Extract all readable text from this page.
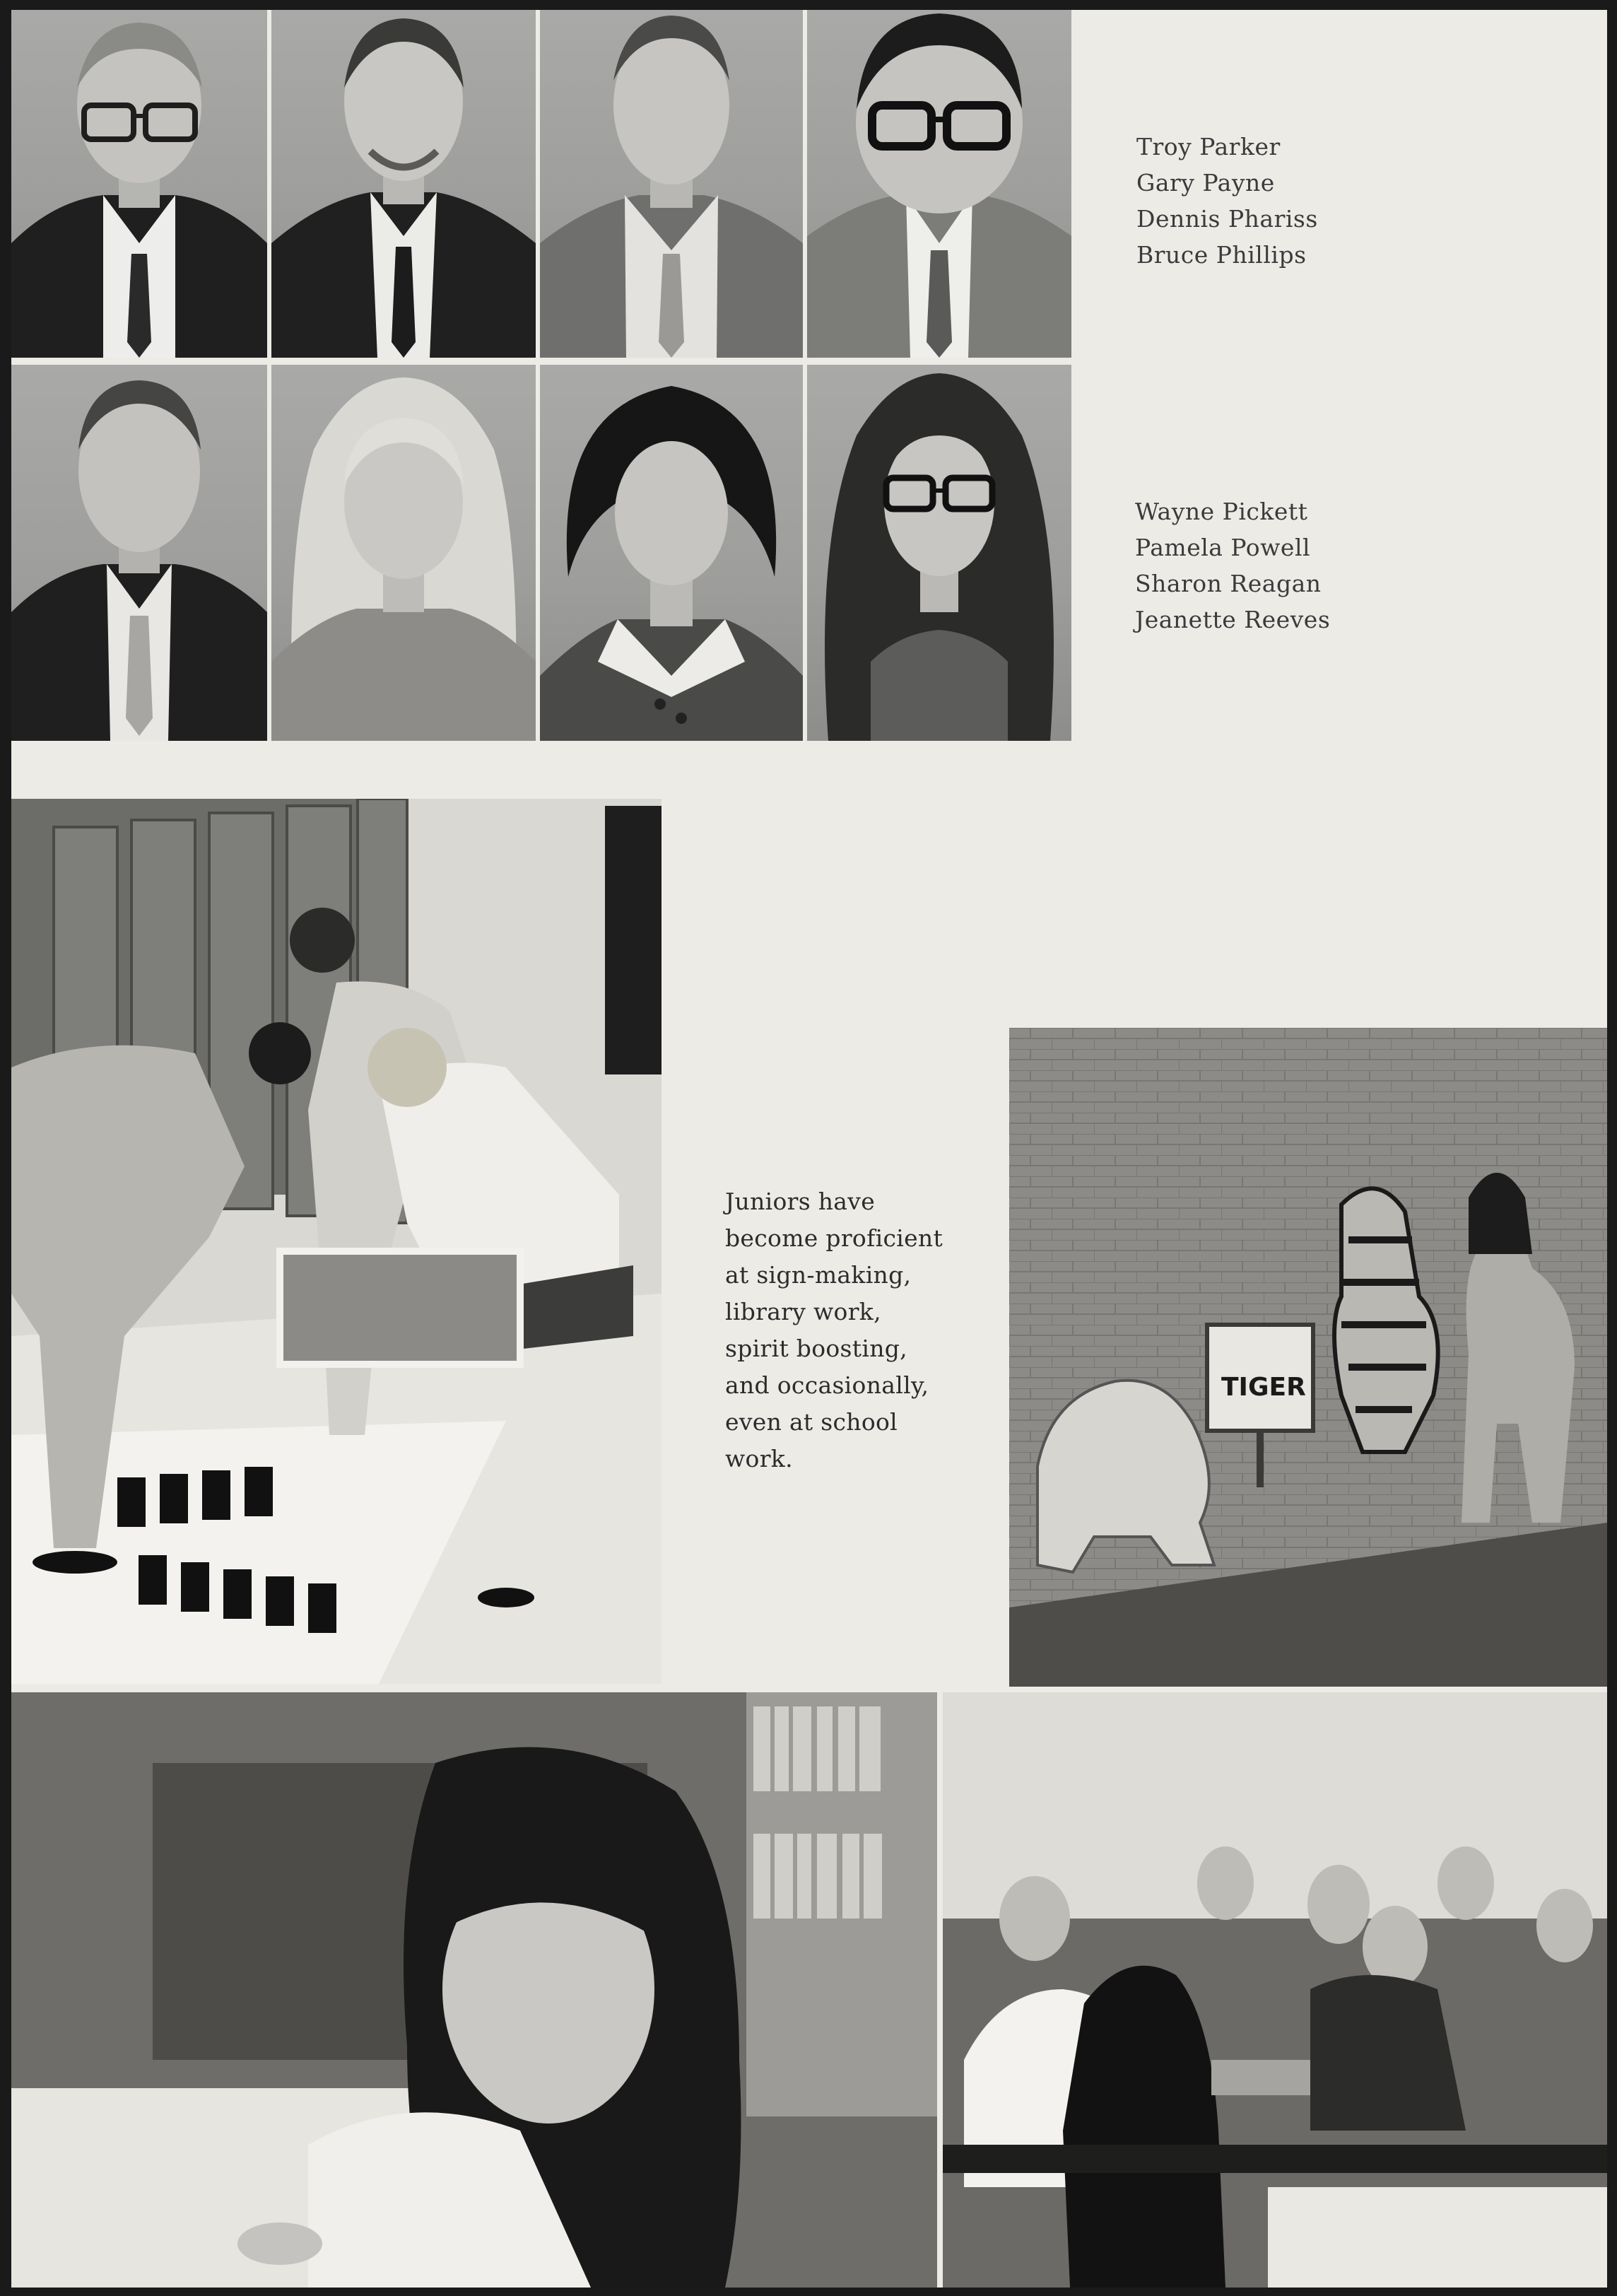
Troy Parker
Gary Payne
Dennis Phariss
Bruce Phillips
Wayne Pickett
Pamela Powell
Sharon Reagan
Jeanette Reeves
Juniors have
become proficient
at sign-making,
library work,
spirit boosting,
and occasionally,
even at school
work.
TIGER
